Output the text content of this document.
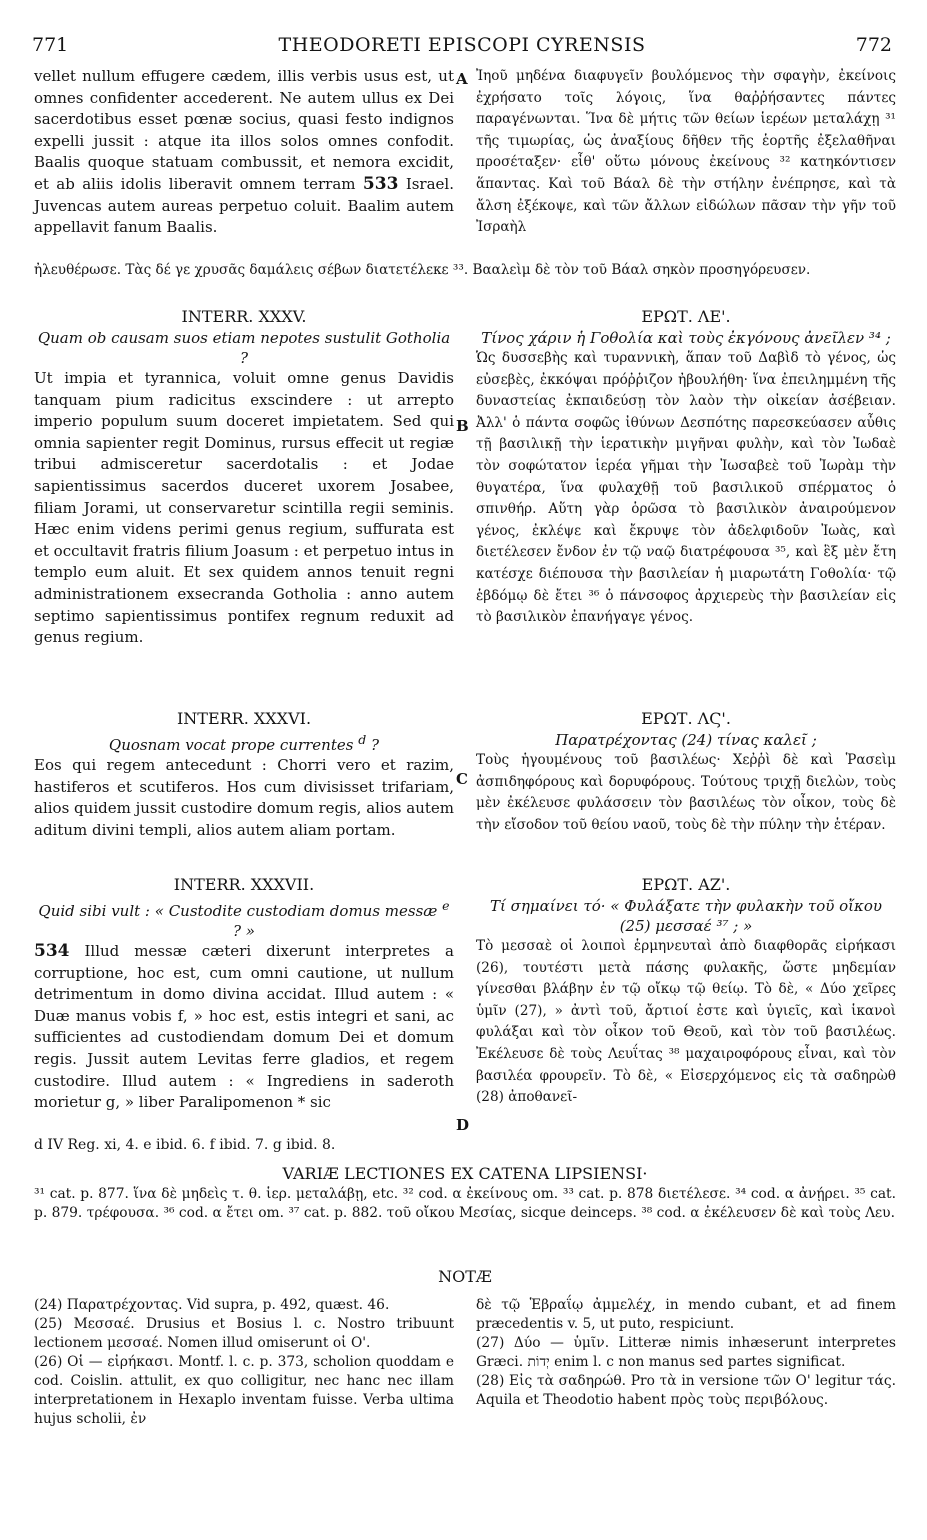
771	THEODORETI EPISCOPI CYRENSIS	772
A
B
C
D
vellet nullum effugere cædem, illis verbis usus est, ut omnes confidenter accederent. Ne autem ullus ex Dei sacerdotibus esset pœnæ socius, quasi festo indignos expelli jussit : atque ita illos solos omnes confodit. Baalis quoque statuam combussit, et nemora excidit, et ab aliis idolis liberavit omnem terram 533 Israel. Juvencas autem aureas perpetuo coluit. Baalim autem appellavit fanum Baalis.
Ἰηοῦ μηδένα διαφυγεῖν βουλόμενος τὴν σφαγὴν, ἐκείνοις ἐχρήσατο τοῖς λόγοις, ἵνα θαῤῥήσαντες πάντες παραγένωνται. Ἵνα δὲ μήτις τῶν θείων ἱερέων μεταλάχῃ ³¹ τῆς τιμωρίας, ὡς ἀναξίους δῆθεν τῆς ἑορτῆς ἐξελαθῆναι προσέταξεν· εἶθ' οὕτω μόνους ἐκείνους ³² κατηκόντισεν ἅπαντας. Καὶ τοῦ Βάαλ δὲ τὴν στήλην ἐνέπρησε, καὶ τὰ ἄλση ἐξέκοψε, καὶ τῶν ἄλλων εἰδώλων πᾶσαν τὴν γῆν τοῦ Ἰσραὴλ
ἠλευθέρωσε. Τὰς δέ γε χρυσᾶς δαμάλεις σέβων διατετέλεκε ³³. Βααλεὶμ δὲ τὸν τοῦ Βάαλ σηκὸν προσηγόρευσεν.
INTERR. XXXV.
Quam ob causam suos etiam nepotes sustulit Gotholia ?
Ut impia et tyrannica, voluit omne genus Davidis tanquam pium radicitus exscindere : ut arrepto imperio populum suum doceret impietatem. Sed qui omnia sapienter regit Dominus, rursus effecit ut regiæ tribui admisceretur sacerdotalis : et Jodae sapientissimus sacerdos duceret uxorem Josabee, filiam Jorami, ut conservaretur scintilla regii seminis. Hæc enim videns perimi genus regium, suffurata est et occultavit fratris filium Joasum : et perpetuo intus in templo eum aluit. Et sex quidem annos tenuit regni administrationem exsecranda Gotholia : anno autem septimo sapientissimus pontifex regnum reduxit ad genus regium.
ΕΡΩΤ. ΛΕ'.
Τίνος χάριν ἡ Γοθολία καὶ τοὺς ἐκγόνους ἀνεῖλεν ³⁴ ;
Ὡς δυσσεβὴς καὶ τυραννικὴ, ἅπαν τοῦ Δαβὶδ τὸ γένος, ὡς εὐσεβὲς, ἐκκόψαι πρόῤῥιζον ἠβουλήθη· ἵνα ἐπειλημμένη τῆς δυναστείας ἐκπαιδεύσῃ τὸν λαὸν τὴν οἰκείαν ἀσέβειαν. Ἀλλ' ὁ πάντα σοφῶς ἰθύνων Δεσπότης παρεσκεύασεν αὖθις τῇ βασιλικῇ τὴν ἱερατικὴν μιγῆναι φυλὴν, καὶ τὸν Ἰωδαὲ τὸν σοφώτατον ἱερέα γῆμαι τὴν Ἰωσαβεὲ τοῦ Ἰωρὰμ τὴν θυγατέρα, ἵνα φυλαχθῇ τοῦ βασιλικοῦ σπέρματος ὁ σπινθήρ. Αὕτη γὰρ ὁρῶσα τὸ βασιλικὸν ἀναιρούμενον γένος, ἐκλέψε καὶ ἔκρυψε τὸν ἀδελφιδοῦν Ἰωὰς, καὶ διετέλεσεν ἔνδον ἐν τῷ ναῷ διατρέφουσα ³⁵, καὶ ἓξ μὲν ἔτη κατέσχε διέπουσα τὴν βασιλείαν ἡ μιαρωτάτη Γοθολία· τῷ ἑβδόμῳ δὲ ἔτει ³⁶ ὁ πάνσοφος ἀρχιερεὺς τὴν βασιλείαν εἰς τὸ βασιλικὸν ἐπανήγαγε γένος.
INTERR. XXXVI.
Quosnam vocat prope currentes $^d$ ?
Eos qui regem antecedunt : Chorri vero et razim, hastiferos et scutiferos. Hos cum divisisset trifariam, alios quidem jussit custodire domum regis, alios autem aditum divini templi, alios autem aliam portam.
ΕΡΩΤ. ΛϚ'.
Παρατρέχοντας (24) τίνας καλεῖ ;
Τοὺς ἡγουμένους τοῦ βασιλέως· Χεῤῥὶ δὲ καὶ Ῥασεὶμ ἀσπιδηφόρους καὶ δορυφόρους. Τούτους τριχῇ διελὼν, τοὺς μὲν ἐκέλευσε φυλάσσειν τὸν βασιλέως τὸν οἶκον, τοὺς δὲ τὴν εἴσοδον τοῦ θείου ναοῦ, τοὺς δὲ τὴν πύλην τὴν ἑτέραν.
INTERR. XXXVII.
Quid sibi vult : « Custodite custodiam domus messæ $^e$ ? »
534 Illud messæ cæteri dixerunt interpretes a corruptione, hoc est, cum omni cautione, ut nullum detrimentum in domo divina accidat. Illud autem : « Duæ manus vobis f, » hoc est, estis integri et sani, ac sufficientes ad custodiendam domum Dei et domum regis. Jussit autem Levitas ferre gladios, et regem custodire. Illud autem : « Ingrediens in saderoth morietur g, » liber Paralipomenon * sic
ΕΡΩΤ. ΑΖ'.
Τί σημαίνει τό· « Φυλάξατε τὴν φυλακὴν τοῦ οἴκου (25) μεσσαέ ³⁷ ; »
Τὸ μεσσαὲ οἱ λοιποὶ ἑρμηνευταὶ ἀπὸ διαφθορᾶς εἰρήκασι (26), τουτέστι μετὰ πάσης φυλακῆς, ὥστε μηδεμίαν γίνεσθαι βλάβην ἐν τῷ οἴκῳ τῷ θείῳ. Τὸ δὲ, « Δύο χεῖρες ὑμῖν (27), » ἀντὶ τοῦ, ἄρτιοί ἐστε καὶ ὑγιεῖς, καὶ ἱκανοὶ φυλάξαι καὶ τὸν οἶκον τοῦ Θεοῦ, καὶ τὸν τοῦ βασιλέως. Ἐκέλευσε δὲ τοὺς Λευΐτας ³⁸ μαχαιροφόρους εἶναι, καὶ τὸν βασιλέα φρουρεῖν. Τὸ δὲ, « Εἰσερχόμενος εἰς τὰ σαδηρὼθ (28) ἀποθανεῖ-
d IV Reg. xi, 4. e ibid. 6. f ibid. 7. g ibid. 8.
VARIÆ LECTIONES EX CATENA LIPSIENSI·
³¹ cat. p. 877. ἵνα δὲ μηδεὶς τ. θ. ἱερ. μεταλάβῃ, etc. ³² cod. α ἐκείνους om. ³³ cat. p. 878 διετέλεσε. ³⁴ cod. α ἀνῄρει. ³⁵ cat. p. 879. τρέφουσα. ³⁶ cod. α ἔτει om. ³⁷ cat. p. 882. τοῦ οἴκου Μεσίας, sicque deinceps. ³⁸ cod. α ἐκέλευσεν δὲ καὶ τοὺς Λευ.
NOTÆ
(24) Παρατρέχοντας. Vid supra, p. 492, quæst. 46.
(25) Μεσσαέ. Drusius et Bosius l. c. Nostro tribuunt lectionem μεσσαέ. Nomen illud omiserunt οἱ Ο'.
(26) Οἱ — εἰρήκασι. Montf. l. c. p. 373, scholion quoddam e cod. Coislin. attulit, ex quo colligitur, nec hanc nec illam interpretationem in Hexaplo inventam fuisse. Verba ultima hujus scholii, ἐν
δὲ τῷ Ἑβραΐῳ ἀμμελέχ, in mendo cubant, et ad finem præcedentis v. 5, ut puto, respiciunt.
(27) Δύο — ὑμῖν. Litteræ nimis inhæserunt interpretes Græci. יְדוֹת enim l. c non manus sed partes significat.
(28) Εἰς τὰ σαδηρώθ. Pro τὰ in versione τῶν Ο' legitur τάς. Aquila et Theodotio habent πρὸς τοὺς περιβόλους.
